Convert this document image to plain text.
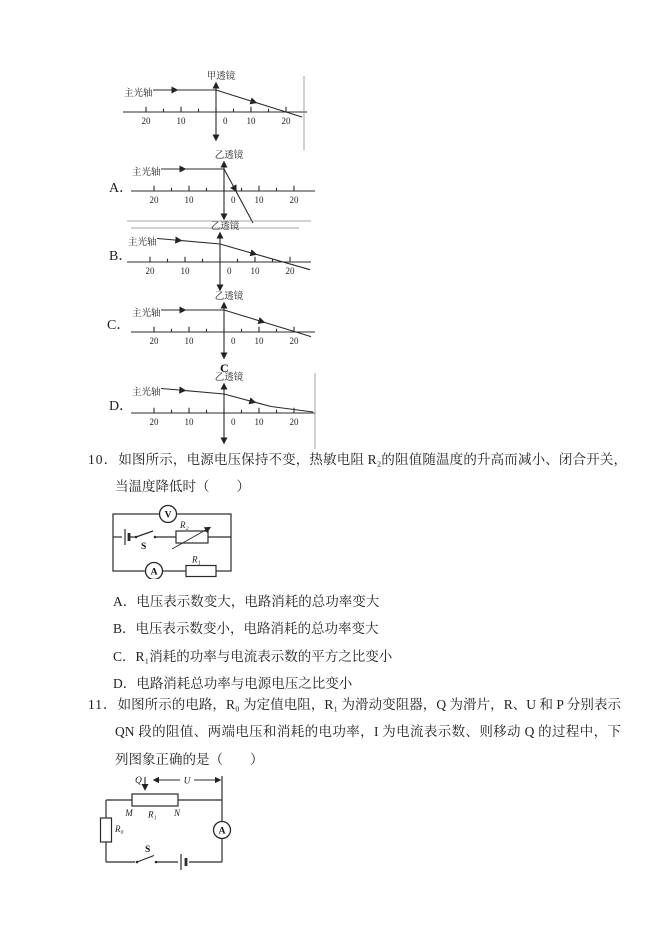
主光轴
甲透镜
20	10	0 10	20
A．
主光轴
乙透镜
20	10	0 10	20
B．
主光轴
乙透镜
20	10	0 10	20
C．
主光轴
乙透镜
20	10	0 10	20
C
D．
主光轴
乙透镜
20	10	0 10	20
10．如图所示，电源电压保持不变，热敏电阻 R₂的阻值随温度的升高而减小、闭合开关，当温度降低时（　　）
V
A
R₁
R₂
S
A．电压表示数变大，电路消耗的总功率变大
B．电压表示数变小，电路消耗的总功率变大
C．R₁消耗的功率与电流表示数的平方之比变小
D．电路消耗总功率与电源电压之比变小
11．如图所示的电路，R₀ 为定值电阻，R₁ 为滑动变阻器，Q 为滑片，R、U 和 P 分别表示 QN 段的阻值、两端电压和消耗的电功率，I 为电流表示数、则移动 Q 的过程中，下列图象正确的是（　　）
U
Q
M	N
R₁
R₀	A
S
